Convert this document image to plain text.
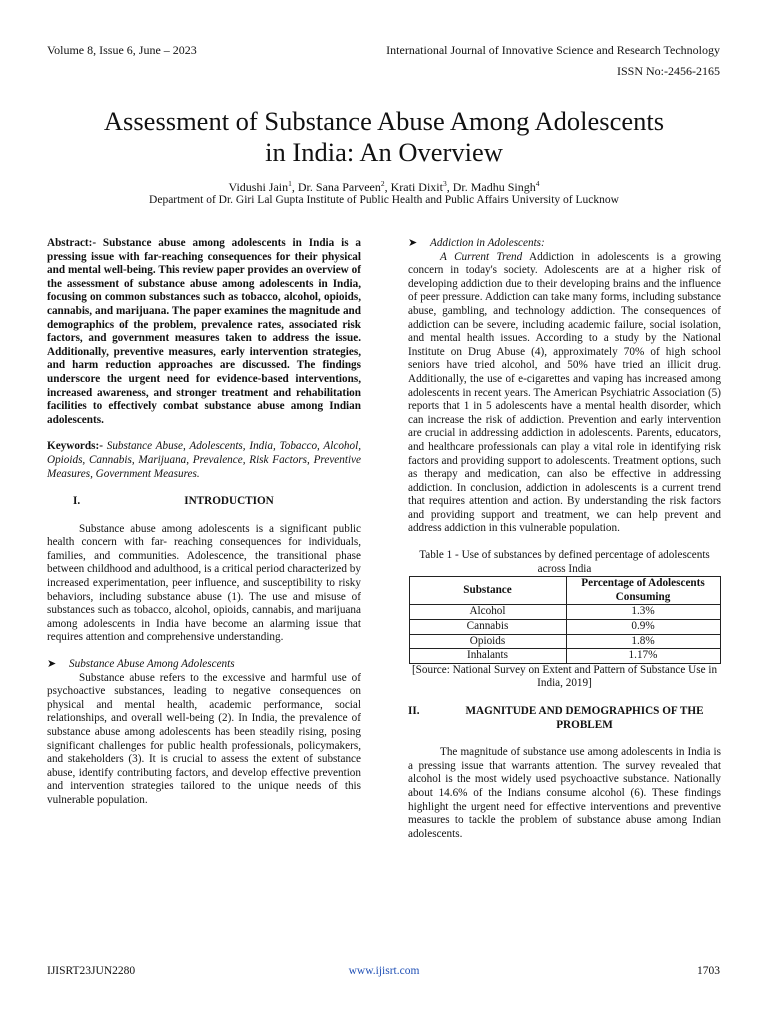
Volume 8, Issue 6, June – 2023	International Journal of Innovative Science and Research Technology
ISSN No:-2456-2165
Assessment of Substance Abuse Among Adolescents
in India: An Overview
Vidushi Jain$^1$, Dr. Sana Parveen$^2$, Krati Dixit$^3$, Dr. Madhu Singh$^4$
Department of Dr. Giri Lal Gupta Institute of Public Health and Public Affairs University of Lucknow
Abstract:- Substance abuse among adolescents in India is a pressing issue with far-reaching consequences for their physical and mental well-being. This review paper provides an overview of the assessment of substance abuse among adolescents in India, focusing on common substances such as tobacco, alcohol, opioids, cannabis, and marijuana. The paper examines the magnitude and demographics of the problem, prevalence rates, associated risk factors, and government measures taken to address the issue. Additionally, preventive measures, early intervention strategies, and harm reduction approaches are discussed. The findings underscore the urgent need for evidence-based interventions, increased awareness, and stronger treatment and rehabilitation facilities to effectively combat substance abuse among Indian adolescents.
Keywords:- Substance Abuse, Adolescents, India, Tobacco, Alcohol, Opioids, Cannabis, Marijuana, Prevalence, Risk Factors, Preventive Measures, Government Measures.
I.	INTRODUCTION

Substance abuse among adolescents is a significant public health concern with far- reaching consequences for individuals, families, and communities. Adolescence, the transitional phase between childhood and adulthood, is a critical period characterized by increased experimentation, peer influence, and susceptibility to risky behaviors, including substance abuse (1). The use and misuse of substances such as tobacco, alcohol, opioids, cannabis, and marijuana among adolescents in India have become an alarming issue that requires attention and comprehensive understanding.

➤ Substance Abuse Among Adolescents

Substance abuse refers to the excessive and harmful use of psychoactive substances, leading to negative consequences on physical and mental health, academic performance, social relationships, and overall well-being (2). In India, the prevalence of substance abuse among adolescents has been steadily rising, posing significant challenges for public health professionals, policymakers, and stakeholders (3). It is crucial to assess the extent of substance abuse, identify contributing factors, and develop effective prevention and intervention strategies tailored to the unique needs of this vulnerable population.

➤ Addiction in Adolescents:

A Current Trend Addiction in adolescents is a growing concern in today's society. Adolescents are at a higher risk of developing addiction due to their developing brains and the influence of peer pressure. Addiction can take many forms, including substance abuse, gambling, and technology addiction. The consequences of addiction can be severe, including academic failure, social isolation, and mental health issues. According to a study by the National Institute on Drug Abuse (4), approximately 70% of high school seniors have tried alcohol, and 50% have tried an illicit drug. Additionally, the use of e-cigarettes and vaping has increased among adolescents in recent years. The American Psychiatric Association (5) reports that 1 in 5 adolescents have a mental health disorder, which can increase the risk of addiction. Prevention and early intervention are crucial in addressing addiction in adolescents. Parents, educators, and healthcare professionals can play a vital role in identifying risk factors and providing support to adolescents. Treatment options, such as therapy and medication, can also be effective in addressing addiction. In conclusion, addiction in adolescents is a current trend that requires attention and action. By understanding the risk factors and providing support and treatment, we can help prevent and address addiction in this vulnerable population.

Table 1 - Use of substances by defined percentage of adolescents across India
Substance	Percentage of Adolescents Consuming
Alcohol	1.3%
Cannabis	0.9%
Opioids	1.8%
Inhalants	1.17%
[Source: National Survey on Extent and Pattern of Substance Use in India, 2019]
II.	MAGNITUDE AND DEMOGRAPHICS OF THE PROBLEM

The magnitude of substance use among adolescents in India is a pressing issue that warrants attention. The survey revealed that alcohol is the most widely used psychoactive substance. Nationally about 14.6% of the Indians consume alcohol (6). These findings highlight the urgent need for effective interventions and preventive measures to tackle the problem of substance abuse among Indian adolescents.

IJISRT23JUN2280	www.ijisrt.com	1703
